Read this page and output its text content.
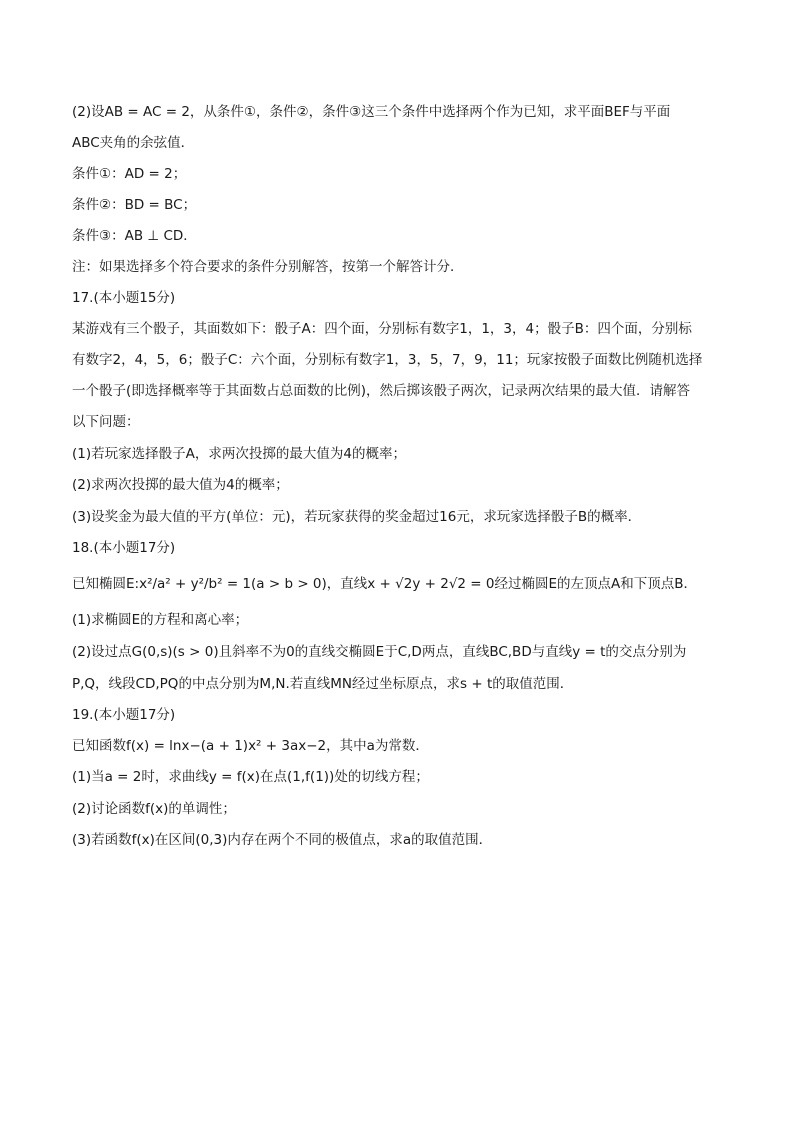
(2)设AB = AC = 2，从条件①，条件②，条件③这三个条件中选择两个作为已知，求平面BEF与平面
ABC夹角的余弦值．
条件①：AD = 2；
条件②：BD = BC；
条件③：AB ⊥ CD．
注：如果选择多个符合要求的条件分别解答，按第一个解答计分．
17.(本小题15分)
某游戏有三个骰子，其面数如下：骰子A：四个面，分别标有数字1，1，3，4；骰子B：四个面，分别标
有数字2，4，5，6；骰子C：六个面，分别标有数字1，3，5，7，9，11；玩家按骰子面数比例随机选择
一个骰子(即选择概率等于其面数占总面数的比例)，然后掷该骰子两次，记录两次结果的最大值．请解答
以下问题：
(1)若玩家选择骰子A，求两次投掷的最大值为4的概率；
(2)求两次投掷的最大值为4的概率；
(3)设奖金为最大值的平方(单位：元)，若玩家获得的奖金超过16元，求玩家选择骰子B的概率．
18.(本小题17分)
已知椭圆E:x²/a² + y²/b² = 1(a > b > 0)，直线x + √2y + 2√2 = 0经过椭圆E的左顶点A和下顶点B．
(1)求椭圆E的方程和离心率；
(2)设过点G(0,s)(s > 0)且斜率不为0的直线交椭圆E于C,D两点，直线BC,BD与直线y = t的交点分别为
P,Q，线段CD,PQ的中点分别为M,N.若直线MN经过坐标原点，求s + t的取值范围．
19.(本小题17分)
已知函数f(x) = lnx−(a + 1)x² + 3ax−2，其中a为常数．
(1)当a = 2时，求曲线y = f(x)在点(1,f(1))处的切线方程；
(2)讨论函数f(x)的单调性；
(3)若函数f(x)在区间(0,3)内存在两个不同的极值点，求a的取值范围．
